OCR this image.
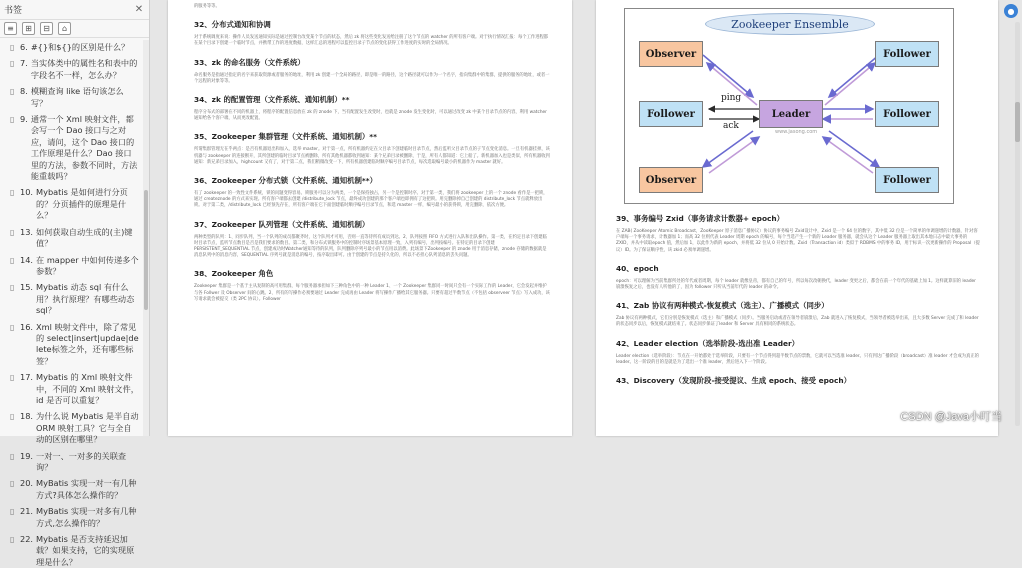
书签	✕
≡	⊞	⊟	⌂
▯ 6. #{}和${}的区别是什么？
▯ 7. 当实体类中的属性名和表中的字段名不一样，怎么办？
▯ 8. 模糊查询 like 语句该怎么写？
▯ 9. 通常一个 Xml 映射文件，都会写一个 Dao 接口与之对应，请问，这个 Dao 接口的工作原理是什么？Dao 接口里的方法，参数不同时，方法能重载吗？
▯ 10. Mybatis 是如何进行分页的？分页插件的原理是什么？
▯ 13. 如何获取自动生成的(主)键值？
▯ 14. 在 mapper 中如何传递多个参数？
▯ 15. Mybatis 动态 sql 有什么用？执行原理？有哪些动态 sql？
▯ 16. Xml 映射文件中，除了常见的 select|insert|updae|delete标签之外，还有哪些标签？
▯ 17. Mybatis 的 Xml 映射文件中，不同的 Xml 映射文件，id 是否可以重复？
▯ 18. 为什么说 Mybatis 是半自动 ORM 映射工具？它与全自动的区别在哪里？
▯ 19. 一对一、一对多的关联查询？
▯ 20. MyBatis 实现一对一有几种方式?具体怎么操作的？
▯ 21. MyBatis 实现一对多有几种方式,怎么操作的？
▯ 22. Mybatis 是否支持延迟加载？如果支持，它的实现原理是什么？
的服务等等。
32、分布式通知和协调
对于系统调度来说：操作人员发送通知实际是通过控制台改变某个节点的状态，然后 zk 将这些变化发送给注册了这个节点的 watcher 的所有客户端。对于执行情况汇报：每个工作进程都在某个目录下创建一个临时节点，并携带工作的进度数据，这样汇总的进程可以监控目录子节点的变化获得工作进度的实时的全局情况。
33、zk 的命名服务（文件系统）
命名服务是指通过指定的名字来获取资源或者服务的地址，利用 zk 创建一个全局的路径，即是唯一的路径，这个路径就可以作为一个名字，指向集群中的集群，提供的服务的地址，或者一个远程的对象等等。
34、zk 的配置管理（文件系统、通知机制）**
程序分布式的部署在不同的机器上，将程序的配置信息放在 zk 的 znode 下，当有配置发生改变时，也就是 znode 发生变化时，可以通过改变 zk 中某个目录节点的内容，利用 watcher 通知给各个客户端，从而更改配置。
35、Zookeeper 集群管理（文件系统、通知机制）**
所谓集群管理无在乎两点：是否有机器退出和加入、选举 master。对于第一点，所有机器约定在父目录下创建临时目录节点，然后监听父目录节点的子节点变化消息。一旦有机器挂掉，该机器与 zookeeper 的连接断开，其所创建的临时目录节点被删除，所有其他机器都收到通知：某个兄弟目录被删除，于是，所有人都知道：它上船了。新机器加入也是类似，所有机器收到通知：新兄弟目录加入，highcount 又有了，对于第二点，我们稍微改变一下，所有机器创建临时顺序编号目录节点，每次选取编号最小的机器作为 master 就好。
36、Zookeeper 分布式锁（文件系统、通知机制**）
有了 zookeeper 的一致性文件系统，锁的问题变得容易。锁服务可以分为两类，一个是保持独占，另一个是控制时序。对于第一类，我们将 zookeeper 上的一个 znode 看作是一把锁，通过 createznode 的方式来实现。所有客户端都去创建 /distribute_lock 节点，最终成功创建的那个客户端也即拥有了这把锁。用完删除掉自己创建的 distribute_lock 节点就释放出锁。对于第二类，/distribute_lock 已经预先存在，所有客户端在它下面创建临时顺序编号目录节点，和选 master 一样，编号最小的获得锁，用完删除，依次方便。
37、Zookeeper 队列管理（文件系统、通知机制）
两种类型的队列：1、同步队列，当一个队列的成员都聚齐时，这个队列才可用，否则一直等待所有成员到达。2、队列按照 FIFO 方式进行入队和出队操作。第一类，在约定目录下创建临时目录节点，监听节点数目是否是我们要求的数目。第二类，和分布式锁服务中的控制时序场景基本原理一致，入列有编号，出列按编号。在特定的目录下创建 PERSISTENT_SEQUENTIAL 节点，创建成功时Watcher通知等待的队列，队列删除序列号最小的节点用以消费。此场景下Zookeeper 的 znode 用于消息存储，znode 存储的数据就是消息队列中的消息内容，SEQUENTIAL 序列号就是消息的编号，按序取出即可。由于创建的节点是持久化的，所以不必担心队列消息的丢失问题。
38、Zookeeper 角色
Zookeeper 集群是一个基于主从复制的高可用集群，每个服务器承担如下三种角色中的一种 Leader 1、一个 Zookeeper 集群同一时间只会有一个实际工作的 Leader，它会发起并维护与各 Follwer 及 Observer 间的心跳。2、所有的写操作必须要通过 Leader 完成再由 Leader 将写操作广播给其它服务器。只要有超过半数节点（不包括 observeer 节点）写入成功，该写请求就会被提交（类 2PC 协议）。Follower
Zookeeper Ensemble
Observer	Follower
Follower	Leader	Follower
Observer	Follower
ping
ack
www.jasong.com
39、事务编号 Zxid（事务请求计数器+ epoch）
在 ZAB( ZooKeeper Atomic Broadcast，ZooKeeper 原子消息广播协议）协议的事务编号 Zxid设计中，Zxid 是一个 64 位的数字，其中低 32 位是一个简单的单调递增的计数器，针对客户端每一个事务请求，计数器加 1；而高 32 位则代表 Leader 周期 epoch 的编号，每个当选产生一个新的 Leader 服务器，就会从这个 Leader 服务器上取出其本地日志中最大事务的ZXID，并从中读取epoch 值，然后加 1，以此作为新的 epoch，并将低 32 位从 0 开始计数。Zxid（Transaction id）类似于 RDBMS 中的事务 ID，用于标识一次更新操作的 Proposal（提议）ID。为了保证顺序性，该 zkid 必须单调递增。
40、epoch
epoch：可以理解为当前集群所处的年代或者周期，每个 leader 就像皇帝，都有自己的年号，所以每次改朝换代，leader 变更之后，都会在前一个年代的基础上加 1。这样就算旧的 leader 崩溃恢复之后，也没有人听他的了，因为 follower 只听从当前年代的 leader 的命令。
41、Zab 协议有两种模式-恢复模式（选主）、广播模式（同步）
Zab 协议有两种模式，它们分别是恢复模式（选主）和广播模式（同步）。当服务启动或者在领导者崩溃后，Zab 就进入了恢复模式，当领导者被选举出来，且大多数 Server 完成了和 leader 的状态同步以后，恢复模式就结束了。状态同步保证了leader 和 Server 具有相同的系统状态。
42、Leader election（选举阶段-选出准 Leader）
Leader election（选举阶段）：节点在一开始都处于选举阶段，只要有一个节点得到超半数节点的票数，它就可以当选准 leader。只有到达广播阶段（broadcast）准 leader 才会成为真正的 leader。这一阶段的目的是就是为了选出一个准 leader，然后进入下一个阶段。
43、Discovery（发现阶段-接受提议、生成 epoch、接受 epoch）
●
CSDN @Java小叮当
